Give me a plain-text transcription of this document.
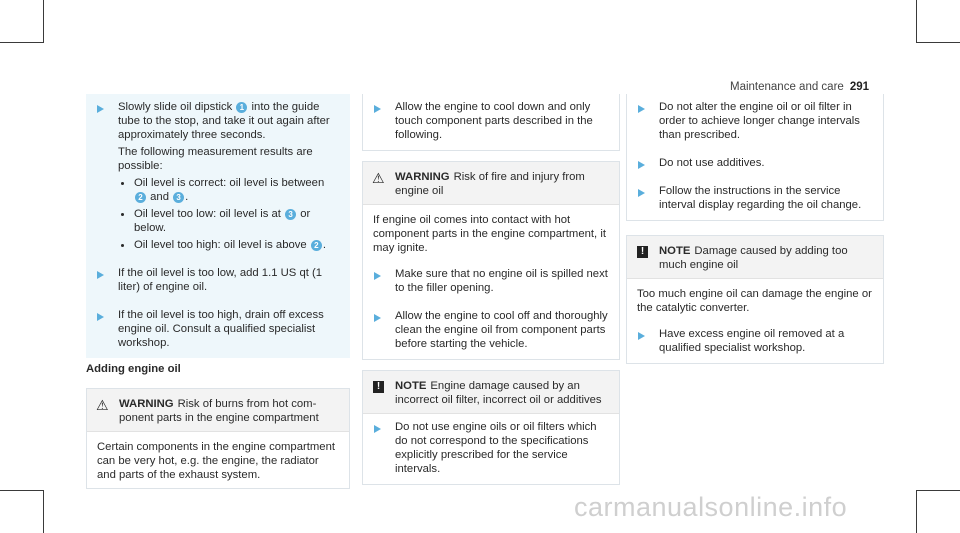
Maintenance and care 291

Slowly slide oil dipstick 1 into the guide tube to the stop, and take it out again after approximately three seconds.

The following measurement results are possible:

Oil level is correct: oil level is between 2 and 3 .
Oil level too low: oil level is at 3 or below.
Oil level too high: oil level is above 2 .

If the oil level is too low, add 1.1 US qt (1 liter) of engine oil.

If the oil level is too high, drain off excess engine oil. Consult a qualified specialist workshop.

Adding engine oil
⚠ WARNING Risk of burns from hot component parts in the engine compartment

Certain components in the engine compartment can be very hot, e.g. the engine, the radiator and parts of the exhaust system.

Allow the engine to cool down and only touch component parts described in the following.

⚠ WARNING Risk of fire and injury from engine oil

If engine oil comes into contact with hot component parts in the engine compartment, it may ignite.

Make sure that no engine oil is spilled next to the filler opening.

Allow the engine to cool off and thoroughly clean the engine oil from component parts before starting the vehicle.

!	NOTE Engine damage caused by an incorrect oil filter, incorrect oil or additives

Do not use engine oils or oil filters which do not correspond to the specifications explicitly prescribed for the service intervals.

Do not alter the engine oil or oil filter in order to achieve longer change intervals than prescribed.

Do not use additives.

Follow the instructions in the service interval display regarding the oil change.

!	NOTE Damage caused by adding too much engine oil

Too much engine oil can damage the engine or the catalytic converter.

Have excess engine oil removed at a qualified specialist workshop.

carmanualsonline.info
